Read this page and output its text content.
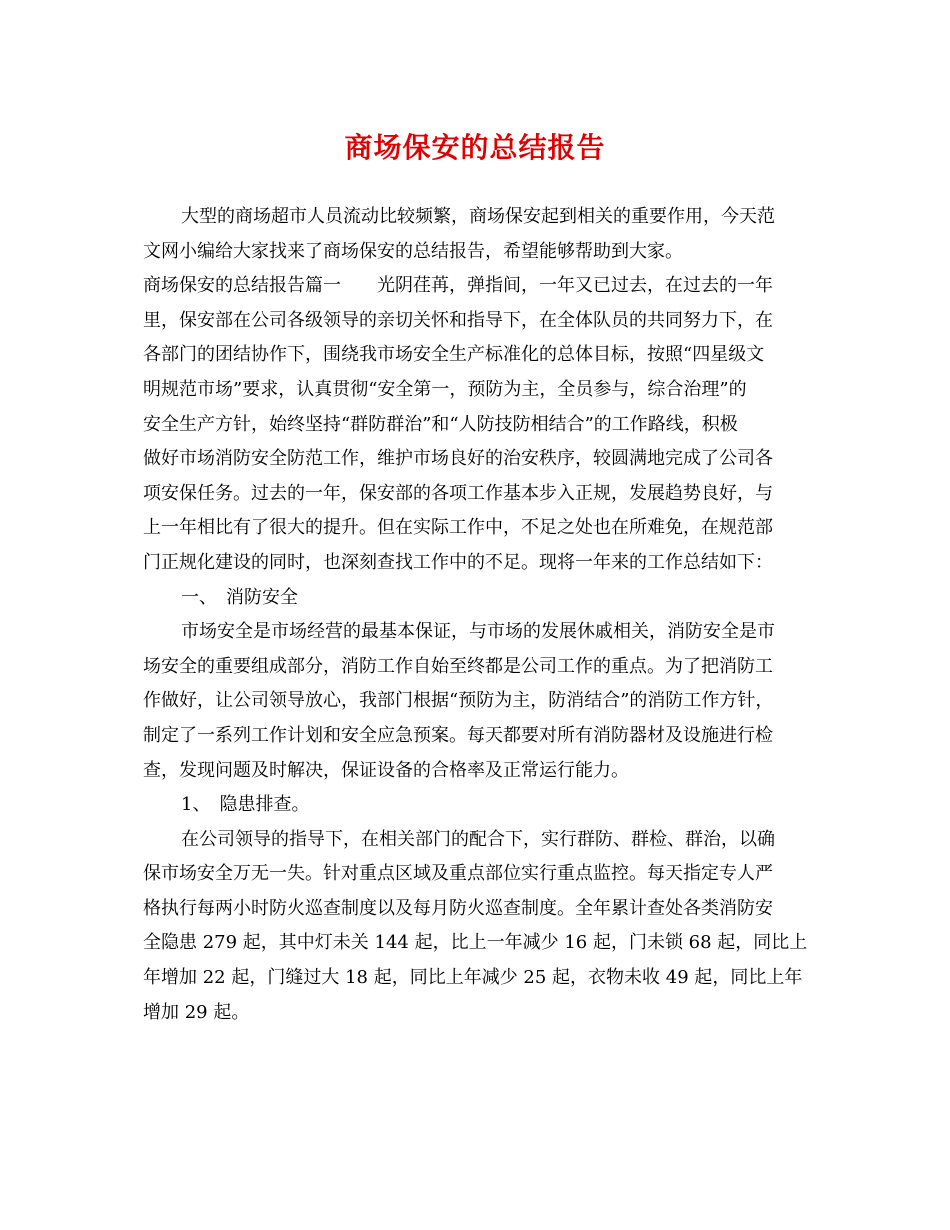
商场保安的总结报告
大型的商场超市人员流动比较频繁，商场保安起到相关的重要作用，今天范
文网小编给大家找来了商场保安的总结报告，希望能够帮助到大家。
商场保安的总结报告篇一　　光阴荏苒，弹指间，一年又已过去，在过去的一年
里，保安部在公司各级领导的亲切关怀和指导下，在全体队员的共同努力下，在
各部门的团结协作下，围绕我市场安全生产标准化的总体目标，按照“四星级文
明规范市场”要求，认真贯彻“安全第一，预防为主，全员参与，综合治理”的
安全生产方针，始终坚持“群防群治”和“人防技防相结合”的工作路线，积极
做好市场消防安全防范工作，维护市场良好的治安秩序，较圆满地完成了公司各
项安保任务。过去的一年，保安部的各项工作基本步入正规，发展趋势良好，与
上一年相比有了很大的提升。但在实际工作中，不足之处也在所难免，在规范部
门正规化建设的同时，也深刻查找工作中的不足。现将一年来的工作总结如下：
一、　消防安全
市场安全是市场经营的最基本保证，与市场的发展休戚相关，消防安全是市
场安全的重要组成部分，消防工作自始至终都是公司工作的重点。为了把消防工
作做好，让公司领导放心，我部门根据“预防为主，防消结合”的消防工作方针，
制定了一系列工作计划和安全应急预案。每天都要对所有消防器材及设施进行检
查，发现问题及时解决，保证设备的合格率及正常运行能力。
1、　隐患排查。
在公司领导的指导下，在相关部门的配合下，实行群防、群检、群治，以确
保市场安全万无一失。针对重点区域及重点部位实行重点监控。每天指定专人严
格执行每两小时防火巡查制度以及每月防火巡查制度。全年累计查处各类消防安
全隐患 279 起，其中灯未关 144 起，比上一年减少 16 起，门未锁 68 起，同比上
年增加 22 起，门缝过大 18 起，同比上年减少 25 起，衣物未收 49 起，同比上年
增加 29 起。
